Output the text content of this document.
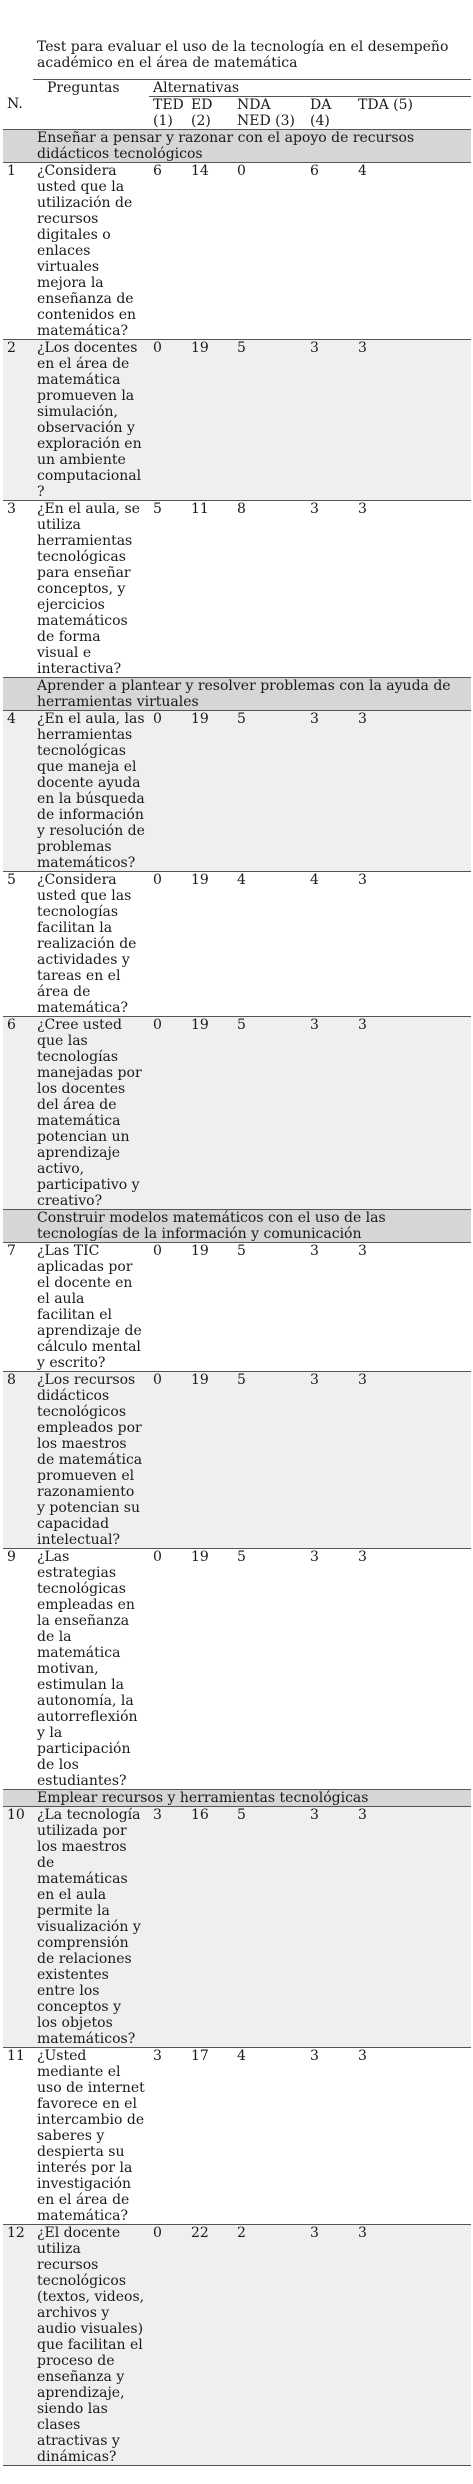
	Test para evaluar el uso de la tecnología en el desempeño académico en el área de matemática					

N.	Preguntas	Alternativas				
		TED (1)	ED (2)	NDA NED (3)	DA (4)	TDA (5)
	Enseñar a pensar y razonar con el apoyo de recursos didácticos tecnológicos					
1	¿Considera usted que la utilización de recursos digitales o enlaces virtuales mejora la enseñanza de contenidos en matemática?	6	14	0	6	4
2	¿Los docentes en el área de matemática promueven la simulación, observación y exploración en un ambiente computacional?	0	19	5	3	3
3	¿En el aula, se utiliza herramientas tecnológicas para enseñar conceptos, y ejercicios matemáticos de forma visual e interactiva?	5	11	8	3	3
	Aprender a plantear y resolver problemas con la ayuda de herramientas virtuales					
4	¿En el aula, las herramientas tecnológicas que maneja el docente ayuda en la búsqueda de información y resolución de problemas matemáticos?	0	19	5	3	3
5	¿Considera usted que las tecnologías facilitan la realización de actividades y tareas en el área de matemática?	0	19	4	4	3
6	¿Cree usted que las tecnologías manejadas por los docentes del área de matemática potencian un aprendizaje activo, participativo y creativo?	0	19	5	3	3
	Construir modelos matemáticos con el uso de las tecnologías de la información y comunicación					
7	¿Las TIC aplicadas por el docente en el aula facilitan el aprendizaje de cálculo mental y escrito?	0	19	5	3	3
8	¿Los recursos didácticos tecnológicos empleados por los maestros de matemática promueven el razonamiento y potencian su capacidad intelectual?	0	19	5	3	3
9	¿Las estrategias tecnológicas empleadas en la enseñanza de la matemática motivan, estimulan la autonomía, la autorreflexión y la participación de los estudiantes?	0	19	5	3	3
	Emplear recursos y herramientas tecnológicas					
10	¿La tecnología utilizada por los maestros de matemáticas en el aula permite la visualización y comprensión de relaciones existentes entre los conceptos y los objetos matemáticos?	3	16	5	3	3
11	¿Usted mediante el uso de internet favorece en el intercambio de saberes y despierta su interés por la investigación en el área de matemática?	3	17	4	3	3
12	¿El docente utiliza recursos tecnológicos (textos, videos, archivos y audio visuales) que facilitan el proceso de enseñanza y aprendizaje, siendo las clases atractivas y dinámicas?	0	22	2	3	3
